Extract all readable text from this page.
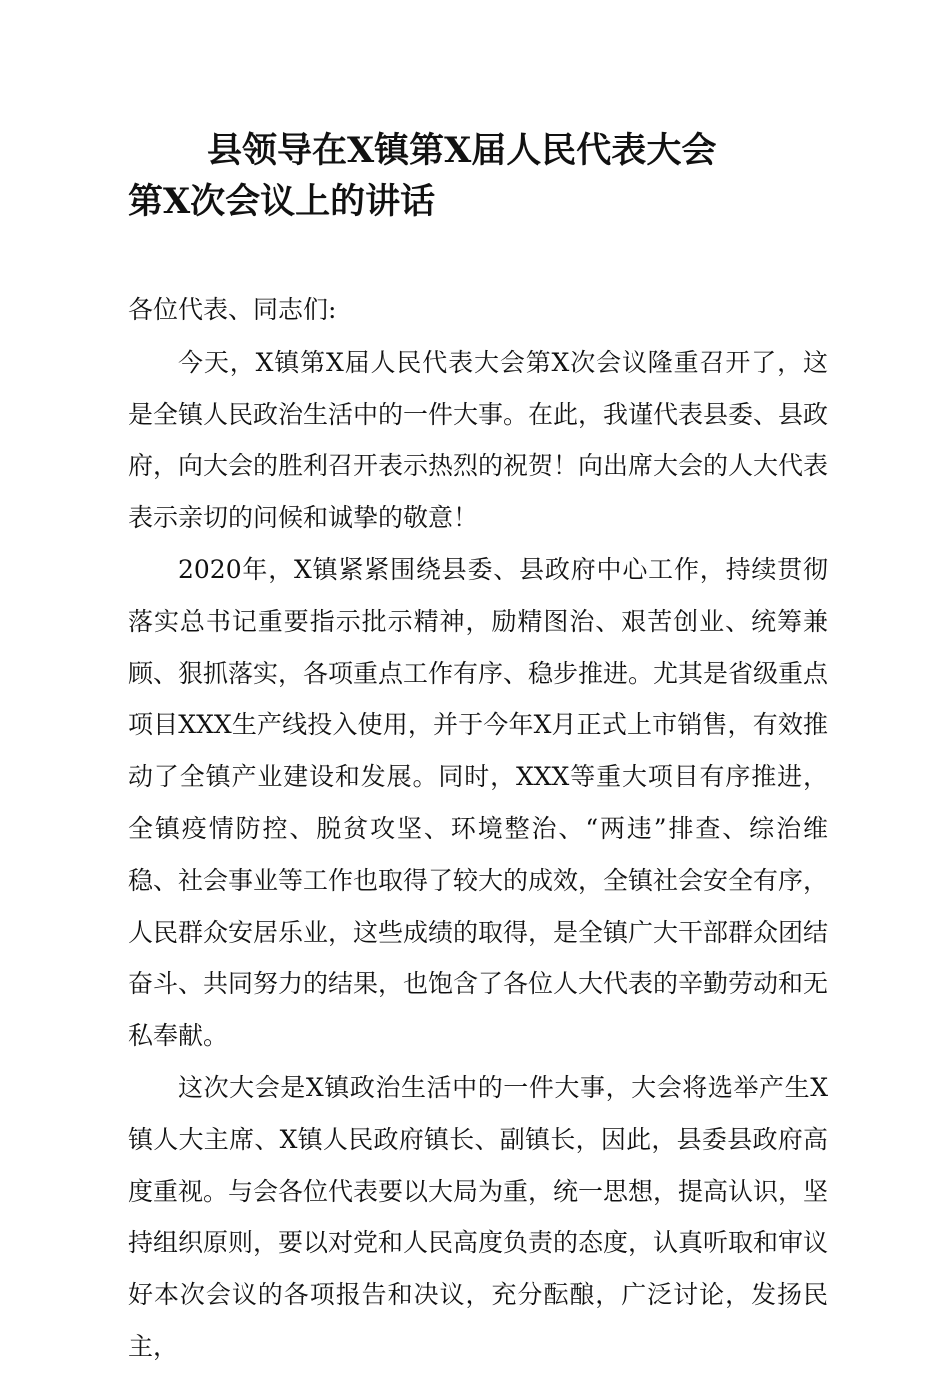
县领导在X镇第X届人民代表大会
第X次会议上的讲话

各位代表、同志们:

今天，X镇第X届人民代表大会第X次会议隆重召开了，这是全镇人民政治生活中的一件大事。在此，我谨代表县委、县政府，向大会的胜利召开表示热烈的祝贺！向出席大会的人大代表表示亲切的问候和诚挚的敬意！

2020年，X镇紧紧围绕县委、县政府中心工作，持续贯彻落实总书记重要指示批示精神，励精图治、艰苦创业、统筹兼顾、狠抓落实，各项重点工作有序、稳步推进。尤其是省级重点项目XXX生产线投入使用，并于今年X月正式上市销售，有效推动了全镇产业建设和发展。同时，XXX等重大项目有序推进，全镇疫情防控、脱贫攻坚、环境整治、“两违”排查、综治维稳、社会事业等工作也取得了较大的成效，全镇社会安全有序，人民群众安居乐业，这些成绩的取得，是全镇广大干部群众团结奋斗、共同努力的结果，也饱含了各位人大代表的辛勤劳动和无私奉献。

这次大会是X镇政治生活中的一件大事，大会将选举产生X镇人大主席、X镇人民政府镇长、副镇长，因此，县委县政府高度重视。与会各位代表要以大局为重，统一思想，提高认识，坚持组织原则，要以对党和人民高度负责的态度，认真听取和审议好本次会议的各项报告和决议，充分酝酿，广泛讨论，发扬民主，
